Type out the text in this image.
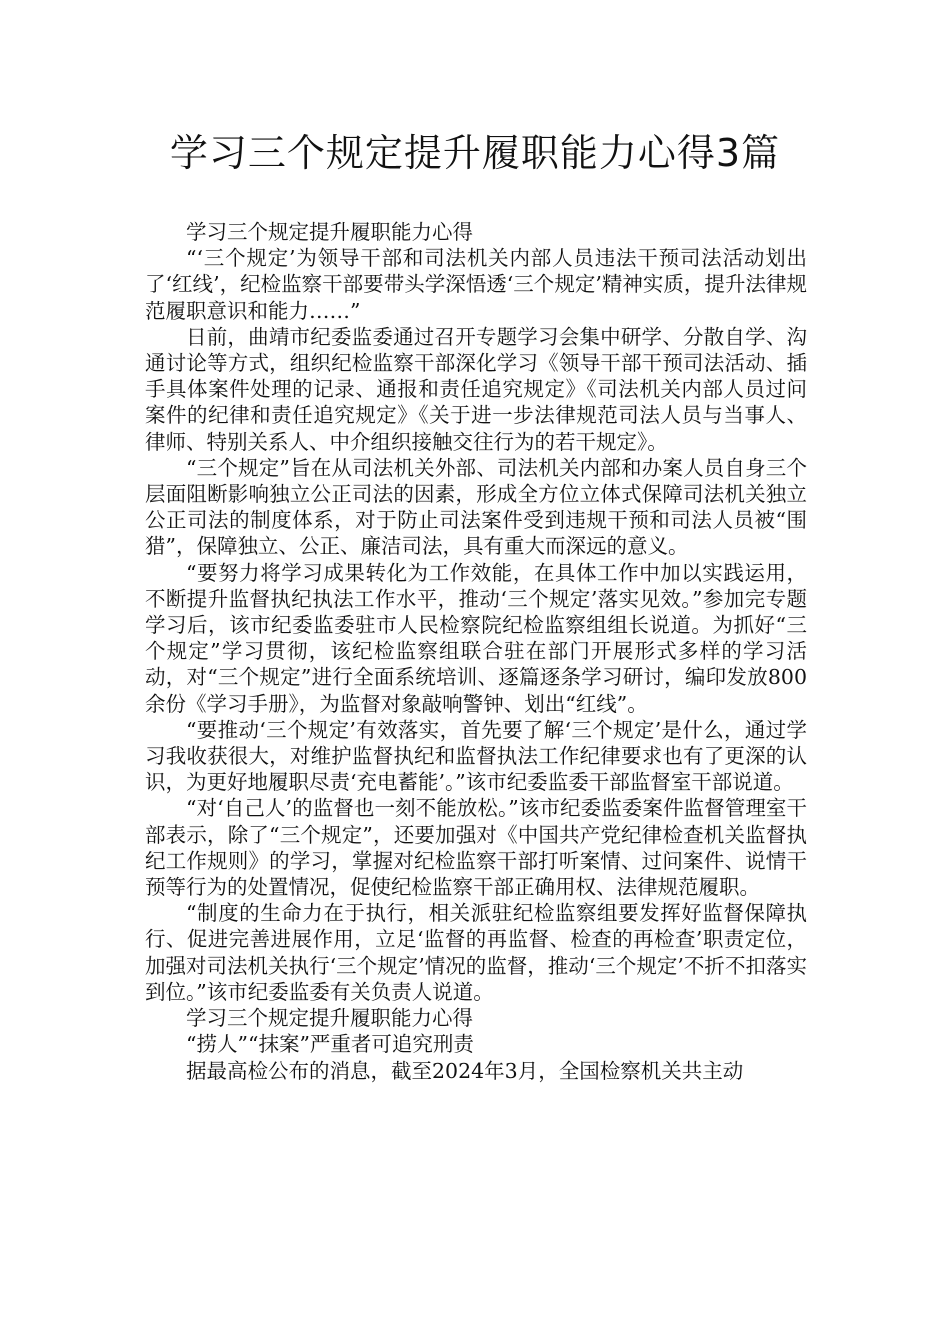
学习三个规定提升履职能力心得3篇

学习三个规定提升履职能力心得

“‘三个规定’为领导干部和司法机关内部人员违法干预司法活动划出了‘红线’，纪检监察干部要带头学深悟透‘三个规定’精神实质，提升法律规范履职意识和能力……”

日前，曲靖市纪委监委通过召开专题学习会集中研学、分散自学、沟通讨论等方式，组织纪检监察干部深化学习《领导干部干预司法活动、插手具体案件处理的记录、通报和责任追究规定》《司法机关内部人员过问案件的纪律和责任追究规定》《关于进一步法律规范司法人员与当事人、律师、特别关系人、中介组织接触交往行为的若干规定》。

“三个规定”旨在从司法机关外部、司法机关内部和办案人员自身三个层面阻断影响独立公正司法的因素，形成全方位立体式保障司法机关独立公正司法的制度体系，对于防止司法案件受到违规干预和司法人员被“围猎”，保障独立、公正、廉洁司法，具有重大而深远的意义。

“要努力将学习成果转化为工作效能，在具体工作中加以实践运用，不断提升监督执纪执法工作水平，推动‘三个规定’落实见效。”参加完专题学习后，该市纪委监委驻市人民检察院纪检监察组组长说道。为抓好“三个规定”学习贯彻，该纪检监察组联合驻在部门开展形式多样的学习活动，对“三个规定”进行全面系统培训、逐篇逐条学习研讨，编印发放800余份《学习手册》，为监督对象敲响警钟、划出“红线”。

“要推动‘三个规定’有效落实，首先要了解‘三个规定’是什么，通过学习我收获很大，对维护监督执纪和监督执法工作纪律要求也有了更深的认识，为更好地履职尽责‘充电蓄能’。”该市纪委监委干部监督室干部说道。

“对‘自己人’的监督也一刻不能放松。”该市纪委监委案件监督管理室干部表示，除了“三个规定”，还要加强对《中国共产党纪律检查机关监督执纪工作规则》的学习，掌握对纪检监察干部打听案情、过问案件、说情干预等行为的处置情况，促使纪检监察干部正确用权、法律规范履职。

“制度的生命力在于执行，相关派驻纪检监察组要发挥好监督保障执行、促进完善进展作用，立足‘监督的再监督、检查的再检查’职责定位，加强对司法机关执行‘三个规定’情况的监督，推动‘三个规定’不折不扣落实到位。”该市纪委监委有关负责人说道。

学习三个规定提升履职能力心得

“捞人”“抹案”严重者可追究刑责

据最高检公布的消息，截至2024年3月，全国检察机关共主动
